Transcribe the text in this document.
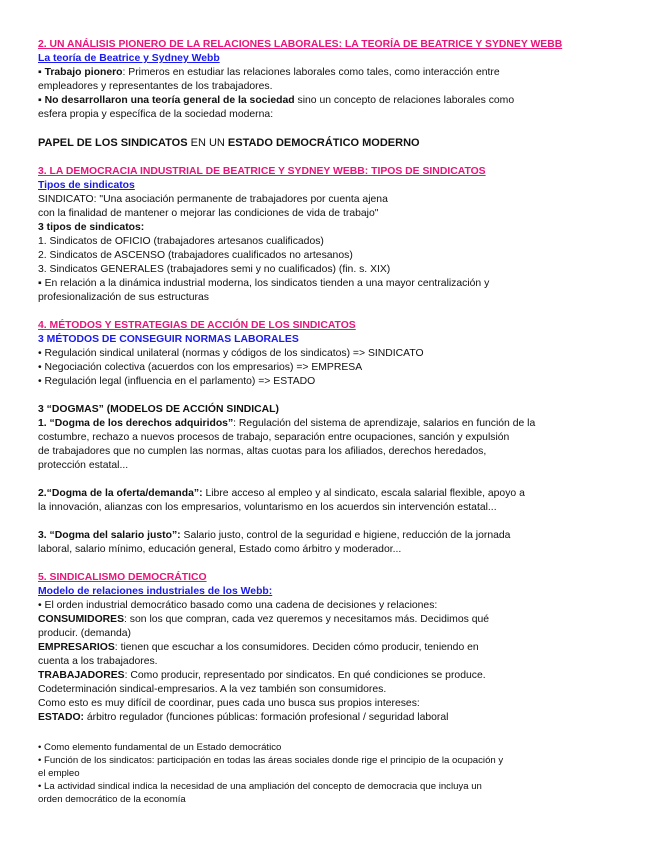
2. UN ANÁLISIS PIONERO DE LA RELACIONES LABORALES: LA TEORÍA DE BEATRICE Y SYDNEY WEBB

La teoría de Beatrice y Sydney Webb

▪ Trabajo pionero: Primeros en estudiar las relaciones laborales como tales, como interacción entre

empleadores y representantes de los trabajadores.

▪ No desarrollaron una teoría general de la sociedad sino un concepto de relaciones laborales como

esfera propia y específica de la sociedad moderna:

PAPEL DE LOS SINDICATOS EN UN ESTADO DEMOCRÁTICO MODERNO

3. LA DEMOCRACIA INDUSTRIAL DE BEATRICE Y SYDNEY WEBB: TIPOS DE SINDICATOS

Tipos de sindicatos

SINDICATO: "Una asociación permanente de trabajadores por cuenta ajena

con la finalidad de mantener o mejorar las condiciones de vida de trabajo"

3 tipos de sindicatos:

1. Sindicatos de OFICIO (trabajadores artesanos cualificados)

2. Sindicatos de ASCENSO (trabajadores cualificados no artesanos)

3. Sindicatos GENERALES (trabajadores semi y no cualificados) (fin. s. XIX)

▪ En relación a la dinámica industrial moderna, los sindicatos tienden a una mayor centralización y

profesionalización de sus estructuras

4. MÉTODOS Y ESTRATEGIAS DE ACCIÓN DE LOS SINDICATOS

3 MÉTODOS DE CONSEGUIR NORMAS LABORALES

• Regulación sindical unilateral (normas y códigos de los sindicatos) => SINDICATO

• Negociación colectiva (acuerdos con los empresarios) => EMPRESA

• Regulación legal (influencia en el parlamento) => ESTADO

3 “DOGMAS” (MODELOS DE ACCIÓN SINDICAL)

1. “Dogma de los derechos adquiridos”: Regulación del sistema de aprendizaje, salarios en función de la

costumbre, rechazo a nuevos procesos de trabajo, separación entre ocupaciones, sanción y expulsión

de trabajadores que no cumplen las normas, altas cuotas para los afiliados, derechos heredados,

protección estatal...

2.“Dogma de la oferta/demanda”: Libre acceso al empleo y al sindicato, escala salarial flexible, apoyo a

la innovación, alianzas con los empresarios, voluntarismo en los acuerdos sin intervención estatal...

3. “Dogma del salario justo”: Salario justo, control de la seguridad e higiene, reducción de la jornada

laboral, salario mínimo, educación general, Estado como árbitro y moderador...

5. SINDICALISMO DEMOCRÁTICO

Modelo de relaciones industriales de los Webb:

• El orden industrial democrático basado como una cadena de decisiones y relaciones:

CONSUMIDORES: son los que compran, cada vez queremos y necesitamos más. Decidimos qué

producir. (demanda)

EMPRESARIOS: tienen que escuchar a los consumidores. Deciden cómo producir, teniendo en

cuenta a los trabajadores.

TRABAJADORES: Como producir, representado por sindicatos. En qué condiciones se produce.

Codeterminación sindical-empresarios. A la vez también son consumidores.

Como esto es muy difícil de coordinar, pues cada uno busca sus propios intereses:

ESTADO: árbitro regulador (funciones públicas: formación profesional / seguridad laboral

• Como elemento fundamental de un Estado democrático

• Función de los sindicatos: participación en todas las áreas sociales donde rige el principio de la ocupación y

el empleo

• La actividad sindical indica la necesidad de una ampliación del concepto de democracia que incluya un

orden democrático de la economía
